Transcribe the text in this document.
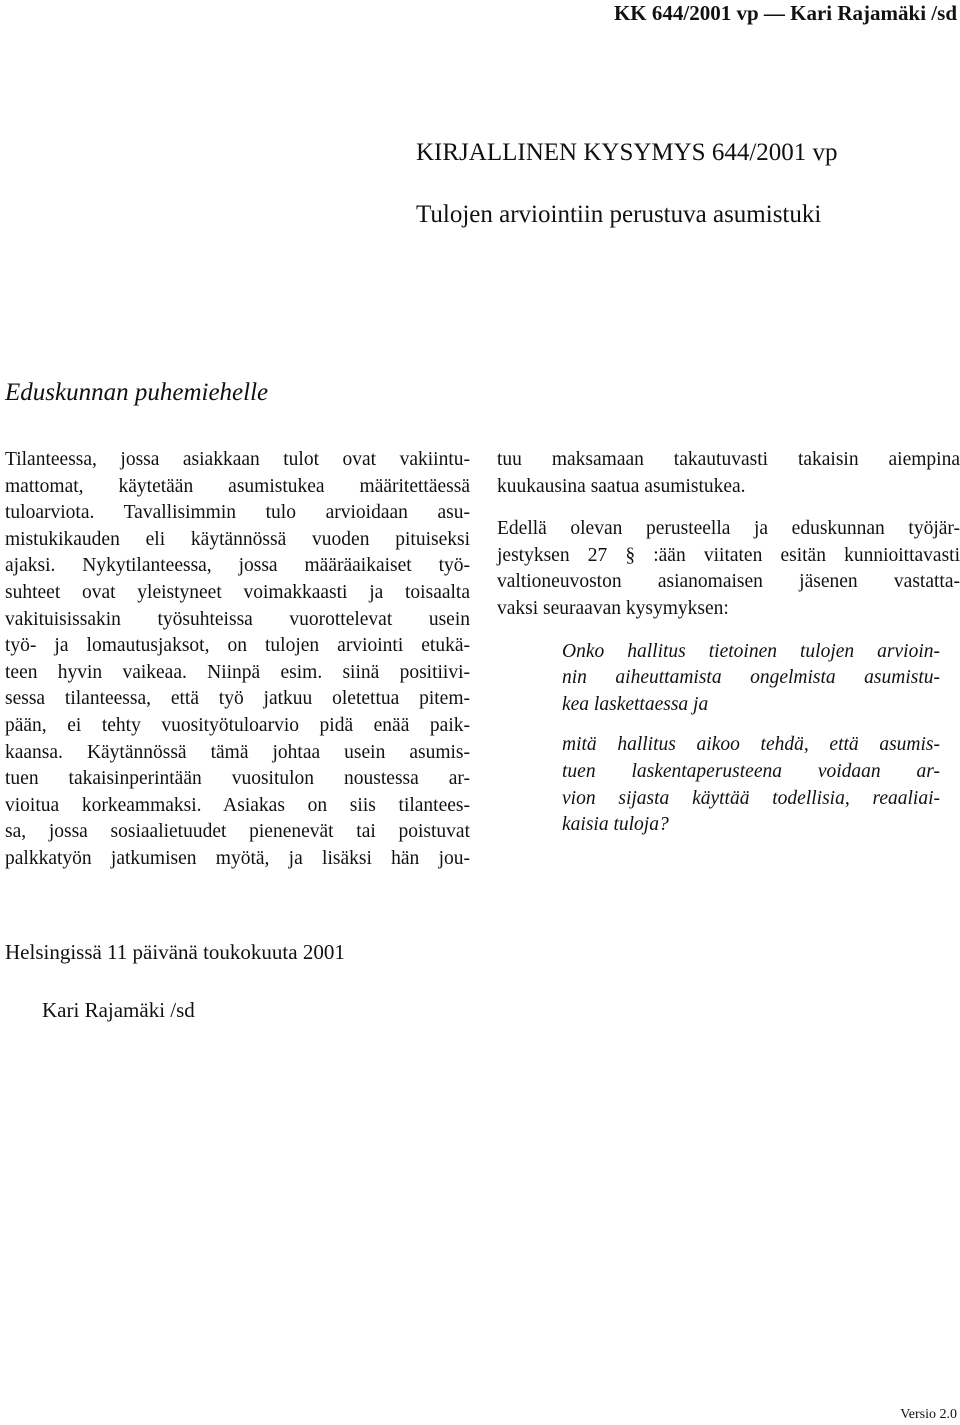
KK 644/2001 vp — Kari Rajamäki /sd
KIRJALLINEN KYSYMYS 644/2001 vp
Tulojen arviointiin perustuva asumistuki
Eduskunnan puhemiehelle
Tilanteessa, jossa asiakkaan tulot ovat vakiintu-
mattomat, käytetään asumistukea määritettäessä
tuloarviota. Tavallisimmin tulo arvioidaan asu-
mistukikauden eli käytännössä vuoden pituiseksi
ajaksi. Nykytilanteessa, jossa määräaikaiset työ-
suhteet ovat yleistyneet voimakkaasti ja toisaalta
vakituisissakin työsuhteissa vuorottelevat usein
työ- ja lomautusjaksot, on tulojen arviointi etukä-
teen hyvin vaikeaa. Niinpä esim. siinä positiivi-
sessa tilanteessa, että työ jatkuu oletettua pitem-
pään, ei tehty vuosityötuloarvio pidä enää paik-
kaansa. Käytännössä tämä johtaa usein asumis-
tuen takaisinperintään vuositulon noustessa ar-
vioitua korkeammaksi. Asiakas on siis tilantees-
sa, jossa sosiaalietuudet pienenevät tai poistuvat
palkkatyön jatkumisen myötä, ja lisäksi hän jou-
tuu maksamaan takautuvasti takaisin aiempina
kuukausina saatua asumistukea.
Edellä olevan perusteella ja eduskunnan työjär-
jestyksen 27 § :ään viitaten esitän kunnioittavasti
valtioneuvoston asianomaisen jäsenen vastatta-
vaksi seuraavan kysymyksen:
Onko hallitus tietoinen tulojen arvioin-
nin aiheuttamista ongelmista asumistu-
kea laskettaessa ja
mitä hallitus aikoo tehdä, että asumis-
tuen laskentaperusteena voidaan ar-
vion sijasta käyttää todellisia, reaaliai-
kaisia tuloja?
Helsingissä 11 päivänä toukokuuta 2001
Kari Rajamäki /sd
Versio 2.0
